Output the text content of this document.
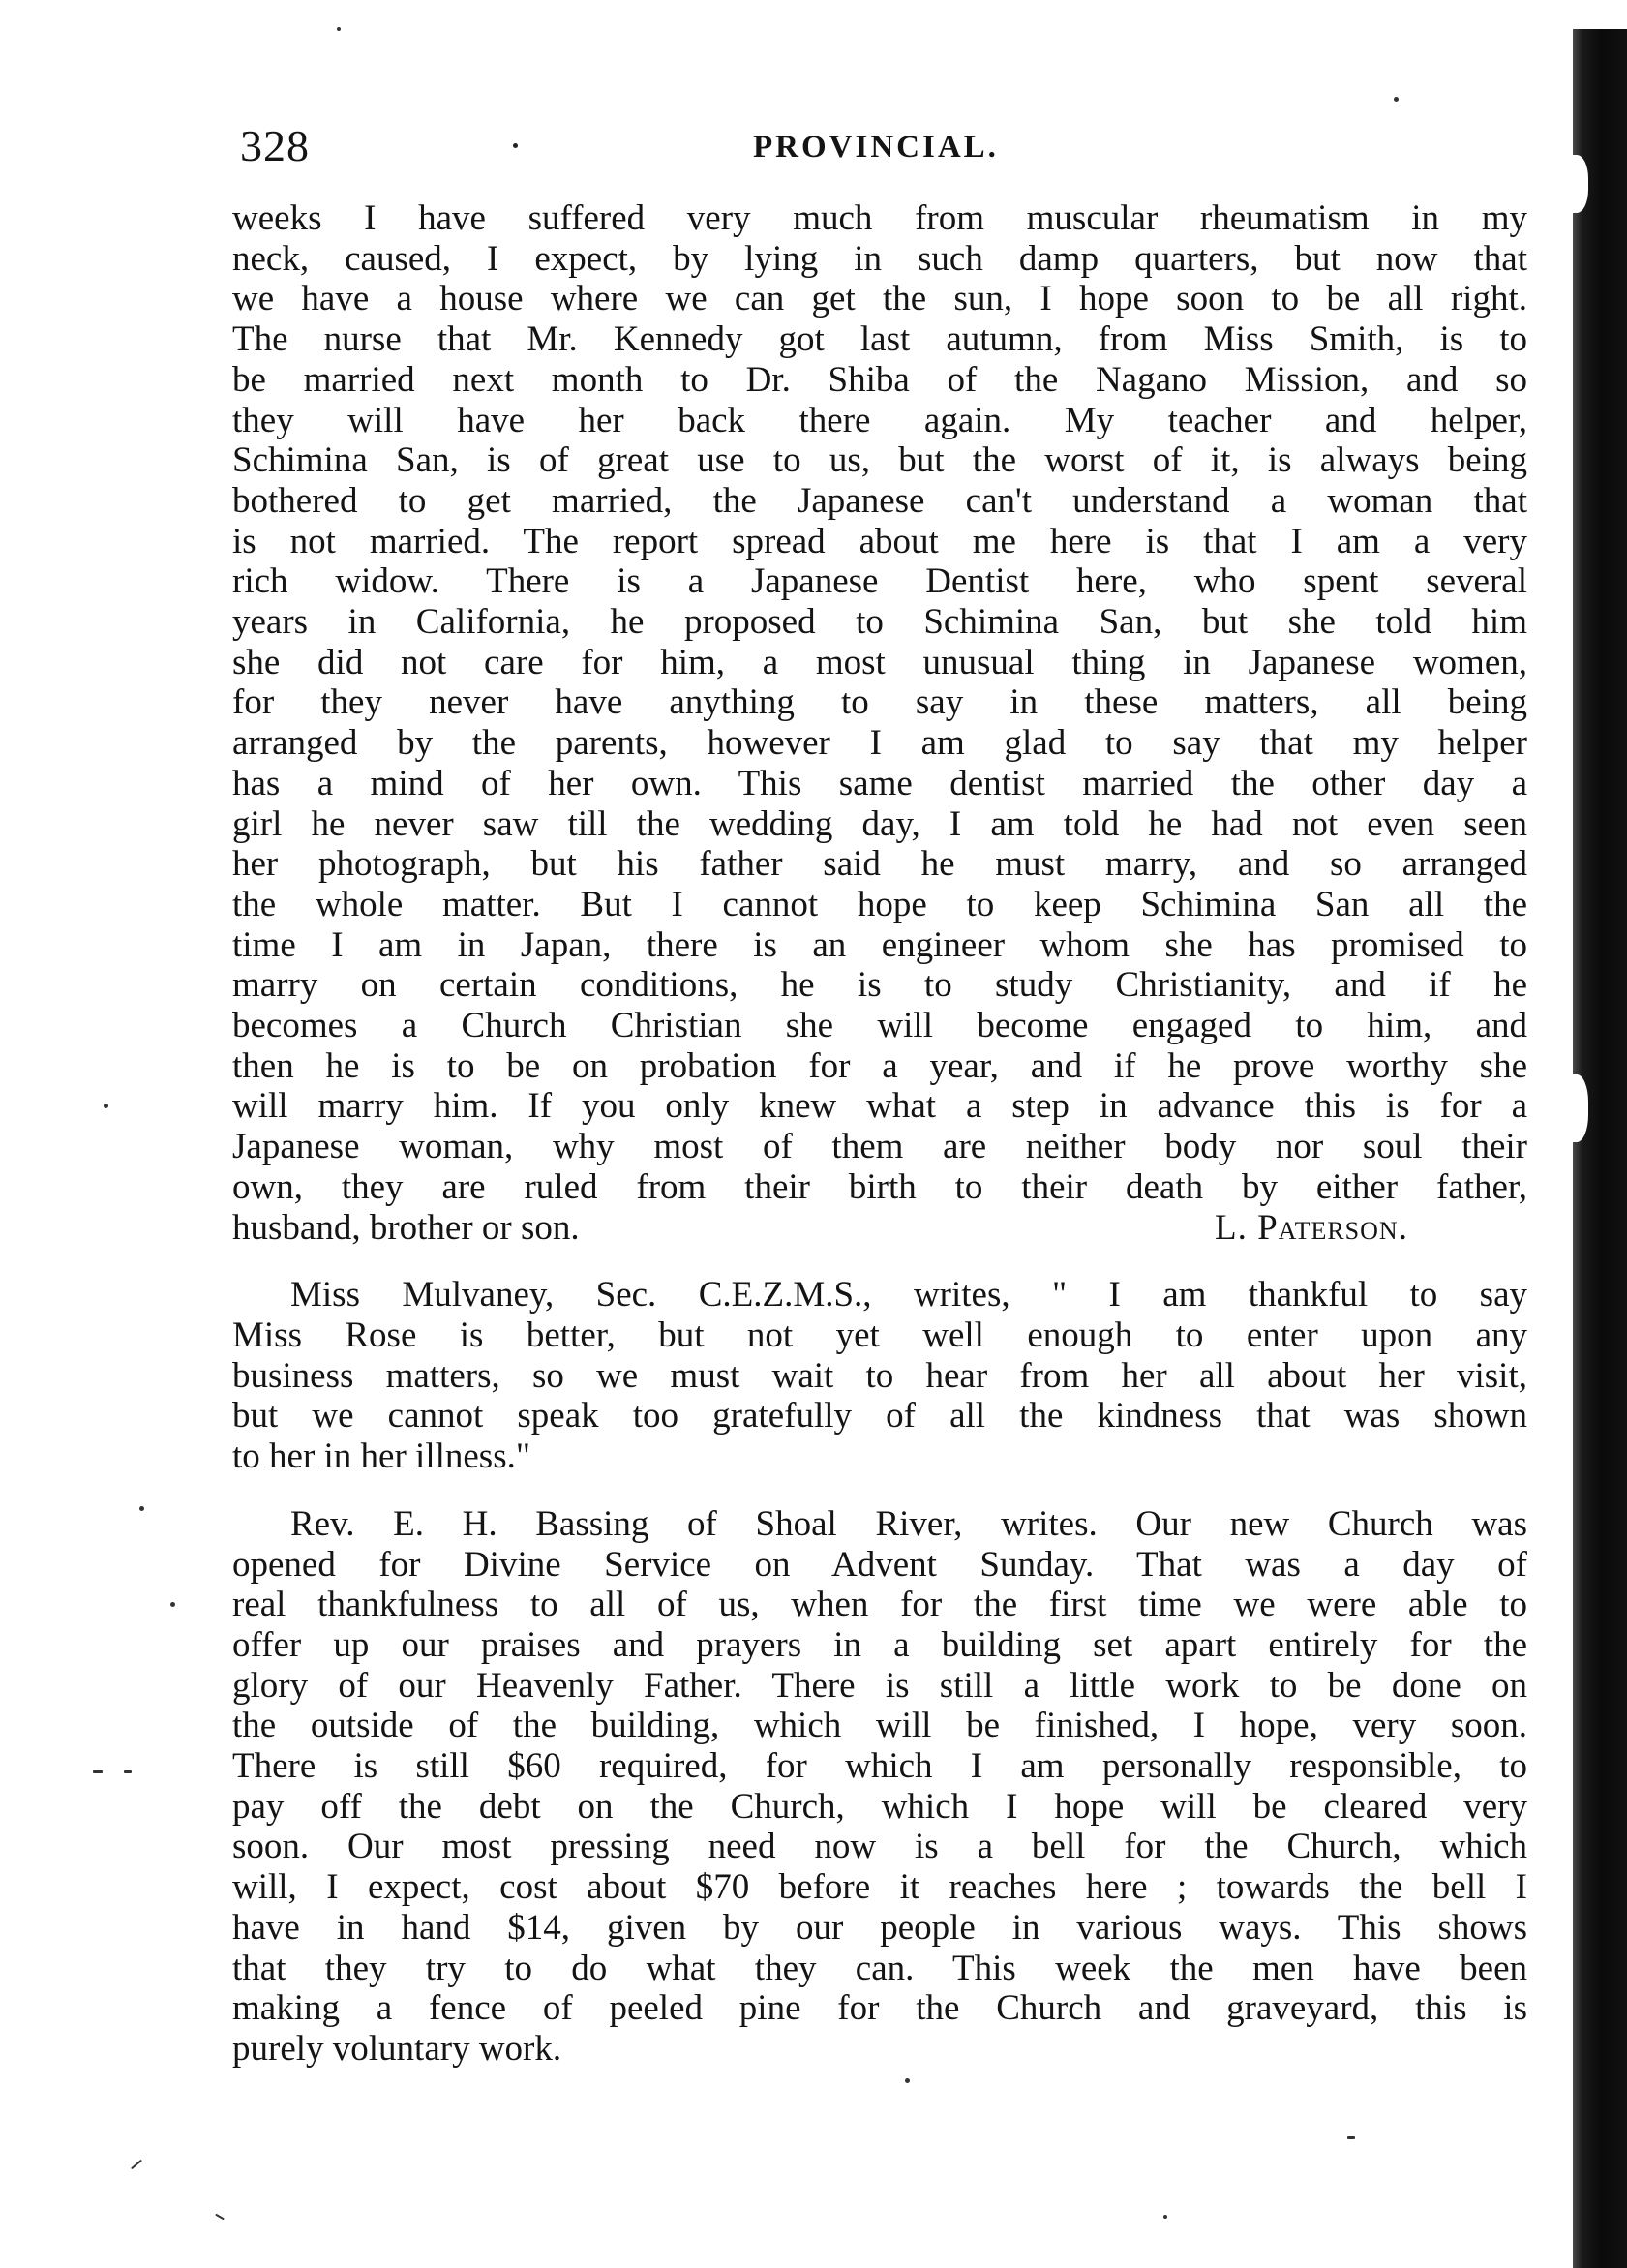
328	PROVINCIAL.
weeks I have suffered very much from muscular rheumatism in my
neck, caused, I expect, by lying in such damp quarters, but now that
we have a house where we can get the sun, I hope soon to be all right.
The nurse that Mr. Kennedy got last autumn, from Miss Smith, is to
be married next month to Dr. Shiba of the Nagano Mission, and so
they will have her back there again. My teacher and helper,
Schimina San, is of great use to us, but the worst of it, is always being
bothered to get married, the Japanese can't understand a woman that
is not married. The report spread about me here is that I am a very
rich widow. There is a Japanese Dentist here, who spent several
years in California, he proposed to Schimina San, but she told him
she did not care for him, a most unusual thing in Japanese women,
for they never have anything to say in these matters, all being
arranged by the parents, however I am glad to say that my helper
has a mind of her own. This same dentist married the other day a
girl he never saw till the wedding day, I am told he had not even seen
her photograph, but his father said he must marry, and so arranged
the whole matter. But I cannot hope to keep Schimina San all the
time I am in Japan, there is an engineer whom she has promised to
marry on certain conditions, he is to study Christianity, and if he
becomes a Church Christian she will become engaged to him, and
then he is to be on probation for a year, and if he prove worthy she
will marry him. If you only knew what a step in advance this is for a
Japanese woman, why most of them are neither body nor soul their
own, they are ruled from their birth to their death by either father,
husband, brother or son.	L. Paterson.
Miss Mulvaney, Sec. C.E.Z.M.S., writes, " I am thankful to say
Miss Rose is better, but not yet well enough to enter upon any
business matters, so we must wait to hear from her all about her visit,
but we cannot speak too gratefully of all the kindness that was shown
to her in her illness."
Rev. E. H. Bassing of Shoal River, writes. Our new Church was
opened for Divine Service on Advent Sunday. That was a day of
real thankfulness to all of us, when for the first time we were able to
offer up our praises and prayers in a building set apart entirely for the
glory of our Heavenly Father. There is still a little work to be done on
the outside of the building, which will be finished, I hope, very soon.
There is still $60 required, for which I am personally responsible, to
pay off the debt on the Church, which I hope will be cleared very
soon. Our most pressing need now is a bell for the Church, which
will, I expect, cost about $70 before it reaches here ; towards the bell I
have in hand $14, given by our people in various ways. This shows
that they try to do what they can. This week the men have been
making a fence of peeled pine for the Church and graveyard, this is
purely voluntary work.
